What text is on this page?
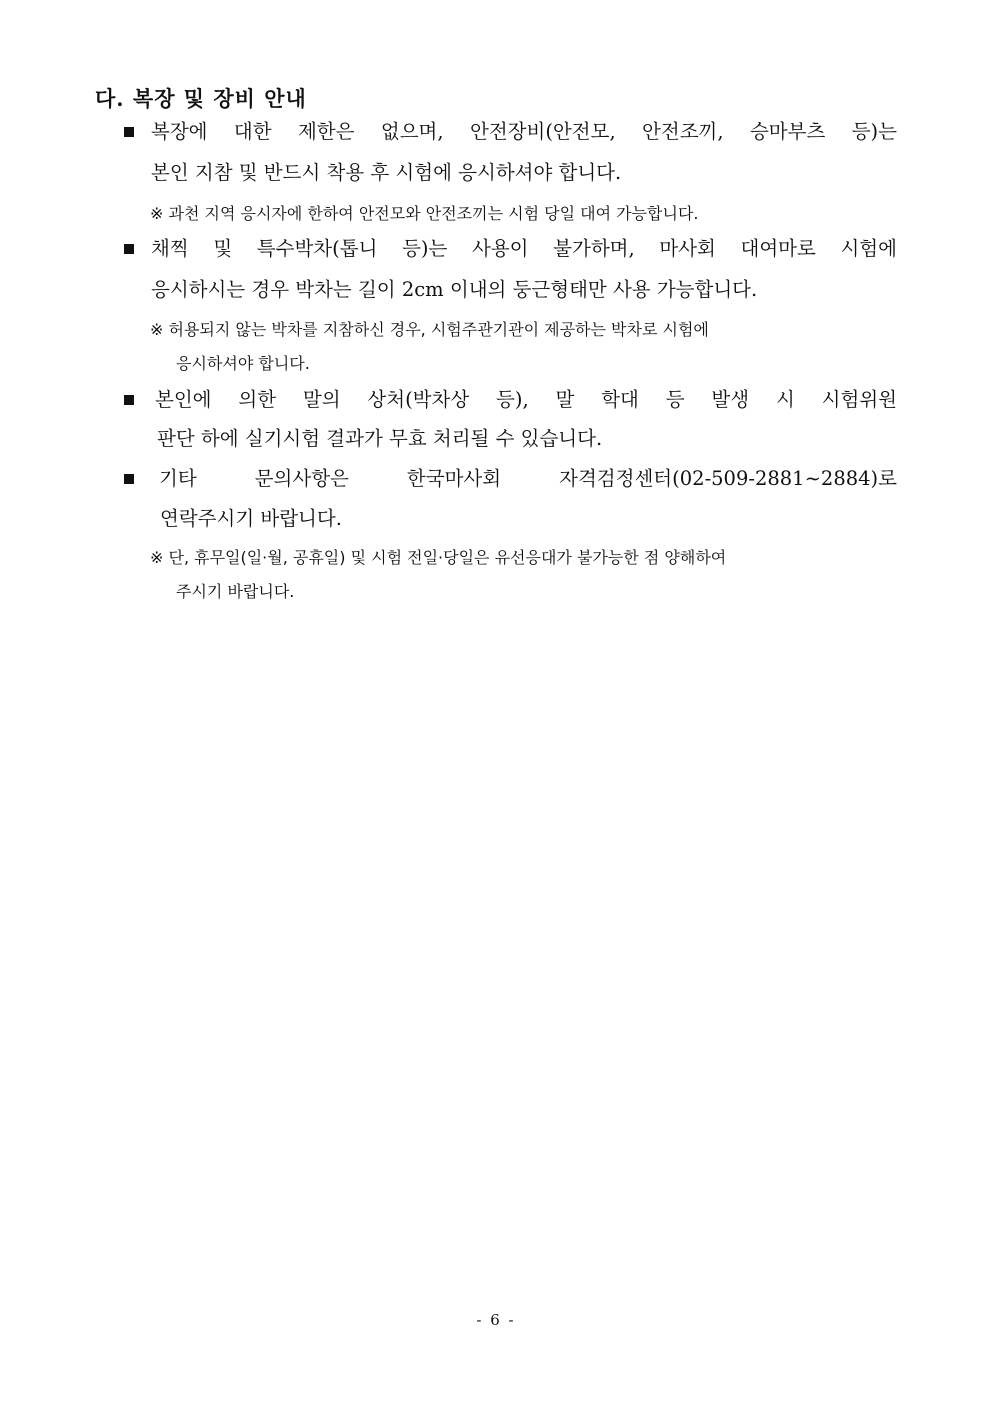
다. 복장 및 장비 안내
복장에 대한 제한은 없으며, 안전장비(안전모, 안전조끼, 승마부츠 등)는
본인 지참 및 반드시 착용 후 시험에 응시하셔야 합니다.
※ 과천 지역 응시자에 한하여 안전모와 안전조끼는 시험 당일 대여 가능합니다.
채찍 및 특수박차(톱니 등)는 사용이 불가하며, 마사회 대여마로 시험에
응시하시는 경우 박차는 길이 2cm 이내의 둥근형태만 사용 가능합니다.
※ 허용되지 않는 박차를 지참하신 경우, 시험주관기관이 제공하는 박차로 시험에
응시하셔야 합니다.
본인에 의한 말의 상처(박차상 등), 말 학대 등 발생 시 시험위원
판단 하에 실기시험 결과가 무효 처리될 수 있습니다.
기타 문의사항은 한국마사회 자격검정센터(02-509-2881∼2884)로
연락주시기 바랍니다.
※ 단, 휴무일(일·월, 공휴일) 및 시험 전일·당일은 유선응대가 불가능한 점 양해하여
주시기 바랍니다.
- 6 -
